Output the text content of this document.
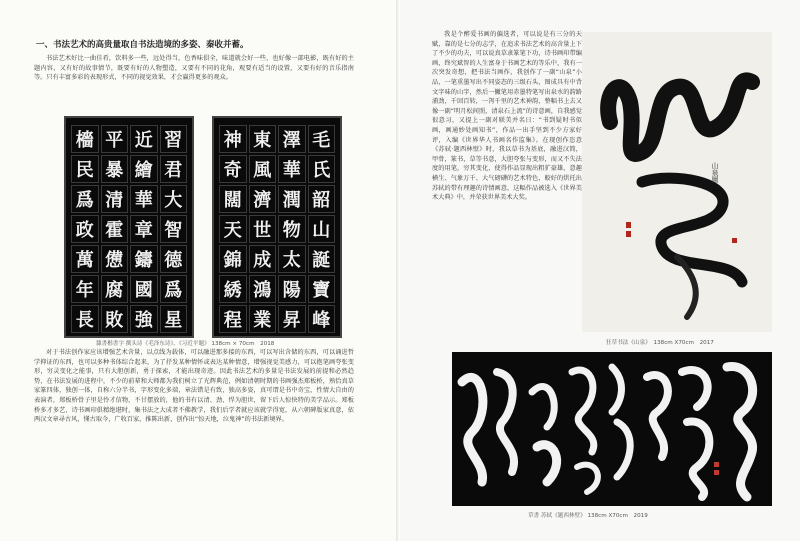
一、书法艺术的高贵量取自书法造境的多姿、秦收并蓄。
书法艺术好比一曲佳肴，饮料多一些，远处得当，色香味俱全，味道就会好一些，也好像一部电影，既有好的主题内容，又有好的故事情节，既要有好的人物塑造，又要有不同的花角，观要有适当的设置，又要有好的音乐指南等。只有丰富多彩的表现形式，不同的视觉效果，才会赢得更多的观众。
檣 平 近 習
民 暴 繪 君
爲 清 華 大
政 霍 章 智
萬 憊 鑄 德
年 腐 國 爲
長 敗 強 星
神 東 澤 毛
奇 風 華 氏
闊 濟 潤 韶
天 世 物 山
錦 成 太 誕
綉 鴻 陽 寶
程 業 昇 峰
隸書楷書字 撰头诗《毛泽东诗》、《习近平题》 138cm × 70cm　2018
对于书法创作家应该增强艺术含量，以点线为载体，可以融进那多接的东西，可以写出含储的东西，可以诵迸哲学抑证的东西，也可以多种书体综合起来，为了抒发某种情怀或表达某种情意，增强视觉美感力，可以抱笔画夸张变形，穷灵变化之能事，只有大胆创新，勇于探索，才能出现奇迹。因此书法艺术的多量是书法发展的前提和必然趋势，在书法发展的进程中，不少的前辈和大师都为我们树立了光辉典范，例如清朝时期的书画强杰郑板桥，熟恰真草家篆四体，独创一体，自称六分半书，字形变化多端，章法错是有致，独高多姿，真可谓是书中奇宝，性情大自由的表演者，郑板桥骨子里是怜才信物，不甘摆放的，他的书有以清、劲、悍为胆世，留下后人惊快特的美学品示。郑板桥多才多艺，诗书画印俱精绝堪时，集书法之大成者不佛教学，我们后学者就应该就学得宽，从六朝碑版家真意，依两汉文章尋古风，懂古取今，广收百家，推陈出新，创作出“惊天地，泣鬼神”的书法新境界。
我是个醉爱书画的偏选者，可以说是有三分的天赋，靠的是七分的志学，在追求书法艺术的高含量上下了不少的功夫，可以说真草隶篆笔下功，诗书画印带编画，终究斌智的人生富身于书画艺术的等乐中，我有一次突发奇想，把书法当画作，我创作了一副“山泉”小品，一笔重墨写出不同姿态的三级石头，图成具有中背文字味的山字，然后一撇笔用赤墨特笔写出泉水的韵路浦劲，千回百转，一泻千里的艺术神韵，整幅书上去又像一副“明月松间照，清泉石上流”的诗意画，自我感觉很意习，又提上一副对联美并名日：“书到疑时书似画，画通妙处画知书”，作品一出手坚到不少方家好评，入编《世界华人书画名作监集》。在现创作恣意《苏轼·题西林壁》时，我以草书为基底，融进汉简，甲骨，篆书，草等书意，大胆夸张与变形，而又不失法度的用笔，穷其变化，使得作品显现出粗犷豪雄，意趣横生、气象万千、大气磅礴的艺术特色，較好的烘托出苏轼的带有理趣的诗情画意，这幅作品被选入《世界美术大典》中，并荣获世界美术大奖。
山泉圖
狂草书法《山泉》　138cm X70cm　2017
草書 苏轼《题西林壁》 138cm X70cm　2019
